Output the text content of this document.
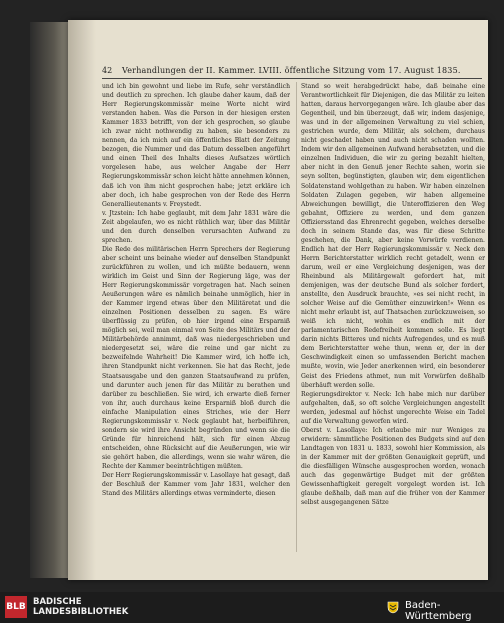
42 Verhandlungen der II. Kammer. LVIII. öffentliche Sitzung vom 17. August 1835.

und ich bin gewohnt und liebe im Rufe, sehr verständlich und deutlich zu sprechen. Ich glaube daher kaum, daß der Herr Regierungskommissär meine Worte nicht wird verstanden haben. Was die Person in der hiesigen ersten Kammer 1833 betrifft, von der ich gesprochen, so glaube ich zwar nicht nothwendig zu haben, sie besonders zu nennen, da ich mich auf ein öffentliches Blatt der Zeitung bezogen, die Nummer und das Datum desselben angeführt und einen Theil des Inhalts dieses Aufsatzes wörtlich vorgelesen habe, aus welcher Angabe der Herr Regierungskommissär schon leicht hätte annehmen können, daß ich von ihm nicht gesprochen habe; jetzt erkläre ich aber doch, ich habe gesprochen von der Rede des Herrn Generallieutenants v. Freystedt.

v. Jtzstein: Ich habe geglaubt, mit dem Jahr 1831 wäre die Zeit abgelaufen, wo es nicht räthlich war, über das Militär und den durch denselben verursachten Aufwand zu sprechen.

Die Rede des militärischen Herrn Sprechers der Regierung aber scheint uns beinahe wieder auf denselben Standpunkt zurückführen zu wollen, und ich müßte bedauern, wenn wirklich im Geist und Sinn der Regierung läge, was der Herr Regierungskommissär vorgetragen hat. Nach seinen Aeußerungen wäre es nämlich beinahe unmöglich, hier in der Kammer irgend etwas über den Militäretat und die einzelnen Positionen desselben zu sagen. Es wäre überflüssig zu prüfen, ob hier irgend eine Ersparniß möglich sei, weil man einmal von Seite des Militärs und der Militärbehörde annimmt, daß was niedergeschrieben und niedergesetzt sei, wäre die reine und gar nicht zu bezweifelnde Wahrheit! Die Kammer wird, ich hoffe ich, ihren Standpunkt nicht verkennen. Sie hat das Recht, jede Staatsausgabe und den ganzen Staatsaufwand zu prüfen, und darunter auch jenen für das Militär zu berathen und darüber zu beschließen. Sie wird, ich erwarte dieß ferner von ihr, auch durchaus keine Ersparniß bloß durch die einfache Manipulation eines Striches, wie der Herr Regierungskommissär v. Neck geglaubt hat, herbeiführen, sondern sie wird ihre Ansicht begründen und wenn sie die Gründe für hinreichend hält, sich für einen Abzug entscheiden, ohne Rücksicht auf die Aeußerungen, wie wir sie gehört haben, die allerdings, wenn sie wahr wären, die Rechte der Kammer beeinträchtigen müßten.

Der Herr Regierungskommissär v. Lasollaye hat gesagt, daß der Beschluß der Kammer vom Jahr 1831, welcher den Stand des Militärs allerdings etwas verminderte, diesen

Stand so weit herabgedrückt habe, daß beinahe eine Verantwortlichkeit für Diejenigen, die das Militär zu leiten hatten, daraus hervorgegangen wäre. Ich glaube aber das Gegentheil, und bin überzeugt, daß wir, indem dasjenige, was und in der allgemeinen Verwaltung zu viel schien, gestrichen wurde, dem Militär, als solchem, durchaus nicht geschadet haben und auch nicht schaden wollten. Indem wir den allgemeinen Aufwand herabsetzten, und die einzelnen Individuen, die wir zu gering bezahlt hielten, aber nicht in den Genuß jener Rechte sahen, worin sie seyn sollten, begünstigten, glauben wir, dem eigentlichen Soldatenstand wohlgethan zu haben. Wir haben einzelnen Soldaten Zulagen gegeben, wir haben allgemeine Abweichungen bewilligt, die Unteroffizieren den Weg gebahnt, Offiziere zu werden, und dem ganzen Offiziersstand das Ehrenrecht gegeben, welches derselbe doch in seinem Stande das, was für diese Schritte geschehen, die Dank, aber keine Vorwürfe verdienen. Endlich hat der Herr Regierungskommissär v. Neck den Herrn Berichterstatter wirklich recht getadelt, wenn er darum, weil er eine Vergleichung desjenigen, was der Rheinbund als Militärgewalt gefordert hat, mit demjenigen, was der deutsche Bund als solcher fordert, anstellte, den Ausdruck brauchte, »es sei nicht recht, in solcher Weise auf die Gemüther einzuwirken!« Wenn es nicht mehr erlaubt ist, auf Thatsachen zurückzuweisen, so weiß ich nicht, wohin es endlich mit der parlamentarischen Redefreiheit kommen solle. Es liegt darin nichts Bitteres und nichts Aufregendes, und es muß dem Berichterstatter wehe thun, wenn er, der in der Geschwindigkeit einen so umfassenden Bericht machen mußte, wovin, wie Jeder anerkennen wird, ein besonderer Geist des Friedens athmet, nun mit Vorwürfen deßhalb überhäuft werden solle.

Regierungsdirektor v. Neck: Ich habe mich nur darüber aufgehalten, daß, so oft solche Vergleichungen angestellt werden, jedesmal auf höchst ungerechte Weise ein Tadel auf die Verwaltung geworfen wird.

Oberst v. Lasollaye: Ich erlaube mir nur Weniges zu erwidern: sämmtliche Positionen des Budgets sind auf den Landtagen von 1831 u. 1833, sowohl hier Kommission, als in der Kammer mit der größten Genauigkeit geprüft, und die diesfälligen Wünsche ausgesprochen worden, wonach auch das gegenwärtige Budget mit der größten Gewissenhaftigkeit geregelt vorgelegt worden ist. Ich glaube deßhalb, daß man auf die früher von der Kammer selbst ausgegangenen Sätze

BLB BADISCHE
LANDESBIBLIOTHEK
Baden-Württemberg
